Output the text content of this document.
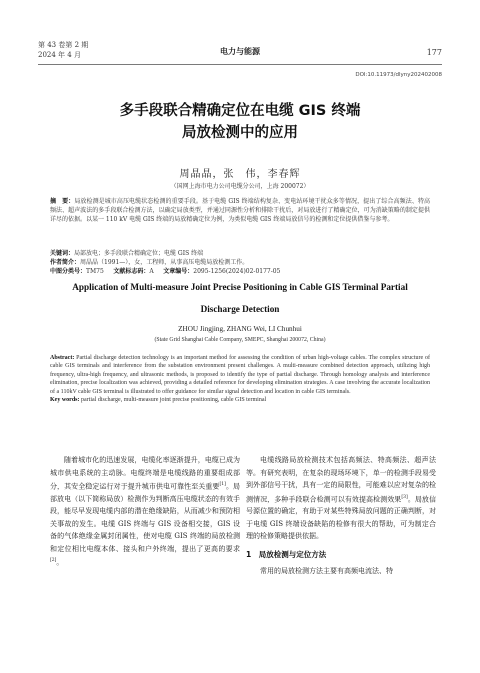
第 43 卷第 2 期
2024 年 4 月	电力与能源	177
DOI:10.11973/dlyny202402008
多手段联合精确定位在电缆 GIS 终端
局放检测中的应用
周晶晶，张　伟，李春辉
（国网上海市电力公司电缆分公司，上海 200072）
摘　要：局放检测是城市高压电缆状态检测的重要手段。基于电缆 GIS 终端结构复杂、变电站环境干扰众多等情况，提出了综合高频法、特高频法、超声波法的多手段联合检测方法，以确定局放类型，并通过同源性分析和排除干扰后，对局放进行了精确定位，可为消缺策略的制定提供详尽的依据。以某一 110 kV 电缆 GIS 终端的局放精确定位为例，为类似电缆 GIS 终端局放信号的检测和定位提供借鉴与参考。
关键词：局部放电；多手段联合精确定位；电缆 GIS 终端
作者简介：周晶晶（1991—），女，工程师，从事高压电缆局放检测工作。
中图分类号：TM75 文献标志码：A 文章编号：2095-1256(2024)02-0177-05
Application of Multi-measure Joint Precise Positioning in Cable GIS Terminal Partial
Discharge Detection
ZHOU Jingjing, ZHANG Wei, LI Chunhui
(State Grid Shanghai Cable Company, SMEPC, Shanghai 200072, China)
Abstract: Partial discharge detection technology is an important method for assessing the condition of urban high-voltage cables. The complex structure of cable GIS terminals and interference from the substation environment present challenges. A multi-measure combined detection approach, utilizing high frequency, ultra-high frequency, and ultrasonic methods, is proposed to identify the type of partial discharge. Through homology analysis and interference elimination, precise localization was achieved, providing a detailed reference for developing elimination strategies. A case involving the accurate localization of a 110kV cable GIS terminal is illustrated to offer guidance for similar signal detection and location in cable GIS terminals.
Key words: partial discharge, multi-measure joint precise positioning, cable GIS terminal

随着城市化的迅速发展，电缆化率逐渐提升，电缆已成为城市供电系统的主动脉。电缆终端是电缆线路的重要组成部分，其安全稳定运行对于提升城市供电可靠性至关重要[1]。局部放电（以下简称局放）检测作为判断高压电缆状态的有效手段，能尽早发现电缆内部的潜在绝缘缺陷，从而减少和预防相关事故的发生。电缆 GIS 终端与 GIS 设备相交接，GIS 设备的气体绝缘金属封闭属性，使对电缆 GIS 终端的局放检测和定位相比电缆本体、接头和户外终端，提出了更高的要求[2]。

电缆线路局放检测技术包括高频法、特高频法、超声法等。有研究表明，在复杂的现场环境下，单一的检测手段易受到外部信号干扰，具有一定的局限性，可能难以应对复杂的检测情况，多种手段联合检测可以有效提高检测效果[3]。局放信号源位置的确定，有助于对某些特殊局放问题的正确判断，对于电缆 GIS 终端设备缺陷的检修有很大的帮助，可为制定合理的检修策略提供依据。

1　局放检测与定位方法

常用的局放检测方法主要有高频电流法、特
